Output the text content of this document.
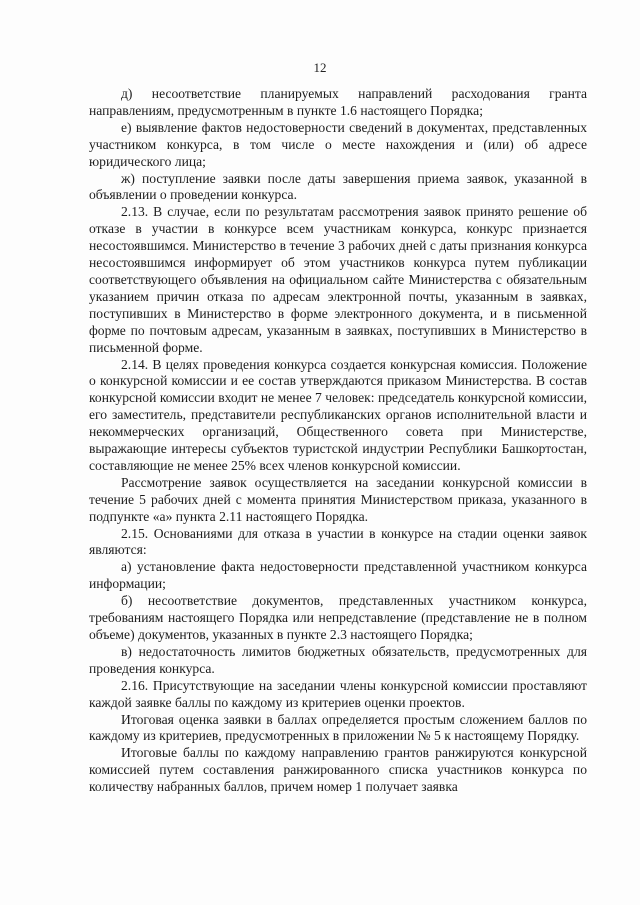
12

д) несоответствие планируемых направлений расходования гранта направлениям, предусмотренным в пункте 1.6 настоящего Порядка;

е) выявление фактов недостоверности сведений в документах, представленных участником конкурса, в том числе о месте нахождения и (или) об адресе юридического лица;

ж) поступление заявки после даты завершения приема заявок, указанной в объявлении о проведении конкурса.

2.13. В случае, если по результатам рассмотрения заявок принято решение об отказе в участии в конкурсе всем участникам конкурса, конкурс признается несостоявшимся. Министерство в течение 3 рабочих дней с даты признания конкурса несостоявшимся информирует об этом участников конкурса путем публикации соответствующего объявления на официальном сайте Министерства с обязательным указанием причин отказа по адресам электронной почты, указанным в заявках, поступивших в Министерство в форме электронного документа, и в письменной форме по почтовым адресам, указанным в заявках, поступивших в Министерство в письменной форме.

2.14. В целях проведения конкурса создается конкурсная комиссия. Положение о конкурсной комиссии и ее состав утверждаются приказом Министерства. В состав конкурсной комиссии входит не менее 7 человек: председатель конкурсной комиссии, его заместитель, представители республиканских органов исполнительной власти и некоммерческих организаций, Общественного совета при Министерстве, выражающие интересы субъектов туристской индустрии Республики Башкортостан, составляющие не менее 25% всех членов конкурсной комиссии.

Рассмотрение заявок осуществляется на заседании конкурсной комиссии в течение 5 рабочих дней с момента принятия Министерством приказа, указанного в подпункте «а» пункта 2.11 настоящего Порядка.

2.15. Основаниями для отказа в участии в конкурсе на стадии оценки заявок являются:

а) установление факта недостоверности представленной участником конкурса информации;

б) несоответствие документов, представленных участником конкурса, требованиям настоящего Порядка или непредставление (представление не в полном объеме) документов, указанных в пункте 2.3 настоящего Порядка;

в) недостаточность лимитов бюджетных обязательств, предусмотренных для проведения конкурса.

2.16. Присутствующие на заседании члены конкурсной комиссии проставляют каждой заявке баллы по каждому из критериев оценки проектов.

Итоговая оценка заявки в баллах определяется простым сложением баллов по каждому из критериев, предусмотренных в приложении № 5 к настоящему Порядку.

Итоговые баллы по каждому направлению грантов ранжируются конкурсной комиссией путем составления ранжированного списка участников конкурса по количеству набранных баллов, причем номер 1 получает заявка
